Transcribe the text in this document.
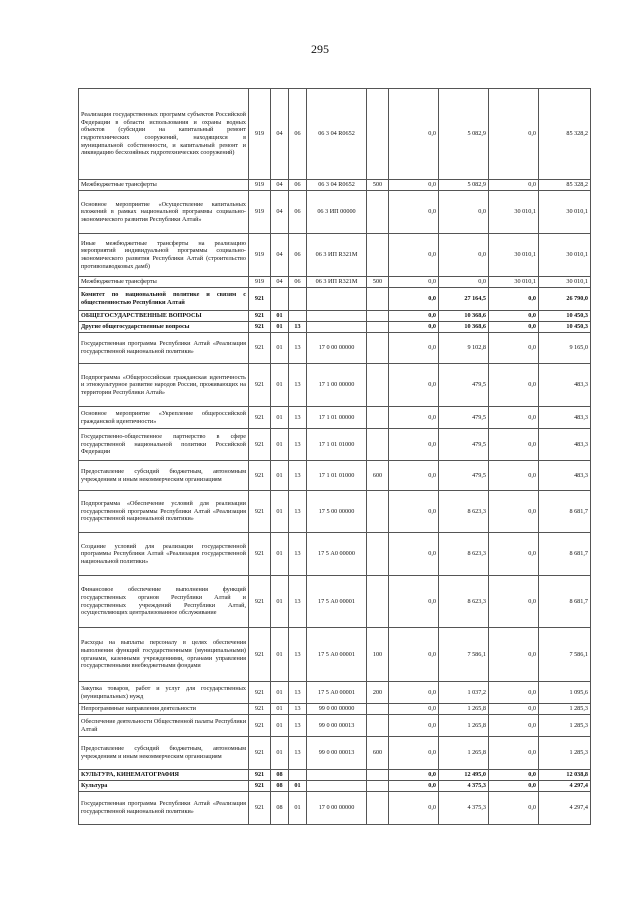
295
Реализация государственных программ субъектов Российской Федерации в области использования и охраны водных объектов (субсидии на капитальный ремонт гидротехнических сооружений, находящихся в муниципальной собственности, и капитальный ремонт и ликвидацию бесхозяйных гидротехнических сооружений)	919	04	06	06 3 04 R0652		0,0	5 082,9	0,0	85 328,2
Межбюджетные трансферты	919	04	06	06 3 04 R0652	500	0,0	5 082,9	0,0	85 328,2
Основное мероприятие «Осуществление капитальных вложений в рамках национальной программы социально-экономического развития Республики Алтай»	919	04	06	06 3 ИП 00000		0,0	0,0	30 010,1	30 010,1
Иные межбюджетные трансферты на реализацию мероприятий индивидуальной программы социально-экономического развития Республики Алтай (строительство противопаводковых дамб)	919	04	06	06 3 ИП R321М		0,0	0,0	30 010,1	30 010,1
Межбюджетные трансферты	919	04	06	06 3 ИП R321М	500	0,0	0,0	30 010,1	30 010,1
Комитет по национальной политике и связям с общественностью Республики Алтай	921					0,0	27 164,5	0,0	26 790,0
ОБЩЕГОСУДАРСТВЕННЫЕ ВОПРОСЫ	921	01				0,0	10 368,6	0,0	10 450,3
Другие общегосударственные вопросы	921	01	13			0,0	10 368,6	0,0	10 450,3
Государственная программа Республики Алтай «Реализация государственной национальной политики»	921	01	13	17 0 00 00000		0,0	9 102,8	0,0	9 165,0
Подпрограмма «Общероссийская гражданская идентичность и этнокультурное развитие народов России, проживающих на территории Республики Алтай»	921	01	13	17 1 00 00000		0,0	479,5	0,0	483,3
Основное мероприятие «Укрепление общероссийской гражданской идентичности»	921	01	13	17 1 01 00000		0,0	479,5	0,0	483,3
Государственно-общественное партнерство в сфере государственной национальной политики Российской Федерации	921	01	13	17 1 01 01000		0,0	479,5	0,0	483,3
Предоставление субсидий бюджетным, автономным учреждениям и иным некоммерческим организациям	921	01	13	17 1 01 01000	600	0,0	479,5	0,0	483,3
Подпрограмма «Обеспечение условий для реализации государственной программы Республики Алтай «Реализация государственной национальной политики»	921	01	13	17 5 00 00000		0,0	8 623,3	0,0	8 681,7
Создание условий для реализации государственной программы Республики Алтай «Реализация государственной национальной политики»	921	01	13	17 5 А0 00000		0,0	8 623,3	0,0	8 681,7
Финансовое обеспечение выполнения функций государственных органов Республики Алтай и государственных учреждений Республики Алтай, осуществляющих централизованное обслуживание	921	01	13	17 5 А0 00001		0,0	8 623,3	0,0	8 681,7
Расходы на выплаты персоналу в целях обеспечения выполнения функций государственными (муниципальными) органами, казенными учреждениями, органами управления государственными внебюджетными фондами	921	01	13	17 5 А0 00001	100	0,0	7 586,1	0,0	7 586,1
Закупка товаров, работ и услуг для государственных (муниципальных) нужд	921	01	13	17 5 А0 00001	200	0,0	1 037,2	0,0	1 095,6
Непрограммные направления деятельности	921	01	13	99 0 00 00000		0,0	1 265,8	0,0	1 285,3
Обеспечение деятельности Общественной палаты Республики Алтай	921	01	13	99 0 00 00013		0,0	1 265,8	0,0	1 285,3
Предоставление субсидий бюджетным, автономным учреждениям и иным некоммерческим организациям	921	01	13	99 0 00 00013	600	0,0	1 265,8	0,0	1 285,3
КУЛЬТУРА, КИНЕМАТОГРАФИЯ	921	08				0,0	12 495,0	0,0	12 038,8
Культура	921	08	01			0,0	4 375,3	0,0	4 297,4
Государственная программа Республики Алтай «Реализация государственной национальной политики»	921	08	01	17 0 00 00000		0,0	4 375,3	0,0	4 297,4
